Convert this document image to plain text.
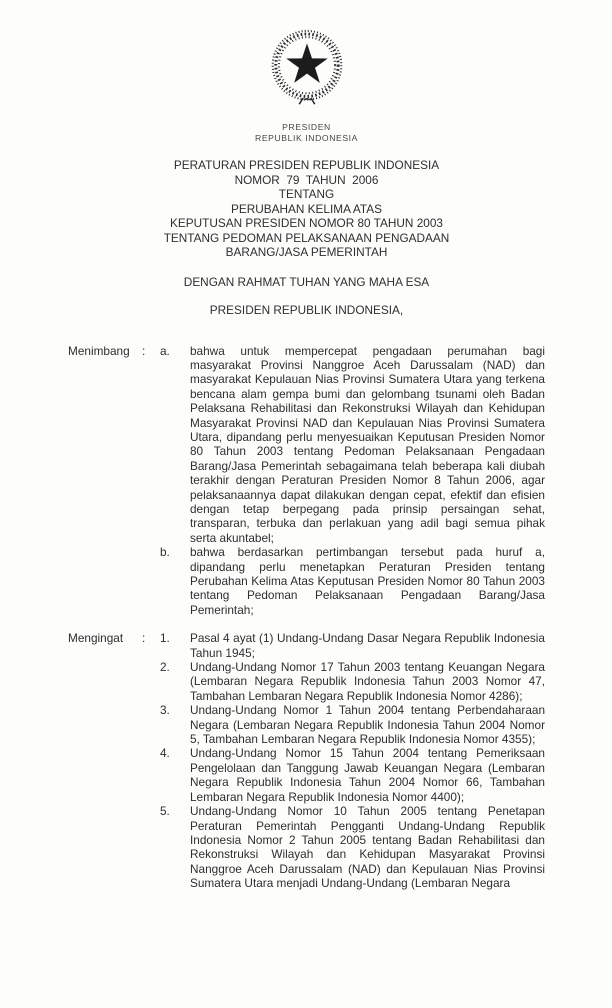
PRESIDEN
REPUBLIK INDONESIA
PERATURAN PRESIDEN REPUBLIK INDONESIA
NOMOR  79  TAHUN  2006
TENTANG
PERUBAHAN KELIMA ATAS
KEPUTUSAN PRESIDEN NOMOR 80 TAHUN 2003
TENTANG PEDOMAN PELAKSANAAN PENGADAAN
BARANG/JASA PEMERINTAH
DENGAN RAHMAT TUHAN YANG MAHA ESA
PRESIDEN REPUBLIK INDONESIA,
Menimbang	:	a.	bahwa untuk mempercepat pengadaan perumahan bagi masyarakat Provinsi Nanggroe Aceh Darussalam (NAD) dan masyarakat Kepulauan Nias Provinsi Sumatera Utara yang terkena bencana alam gempa bumi dan gelombang tsunami oleh Badan Pelaksana Rehabilitasi dan Rekonstruksi Wilayah dan Kehidupan Masyarakat Provinsi NAD dan Kepulauan Nias Provinsi Sumatera Utara, dipandang perlu menyesuaikan Keputusan Presiden Nomor 80 Tahun 2003 tentang Pedoman Pelaksanaan Pengadaan Barang/Jasa Pemerintah sebagaimana telah beberapa kali diubah terakhir dengan Peraturan Presiden Nomor 8 Tahun 2006, agar pelaksanaannya dapat dilakukan dengan cepat, efektif dan efisien dengan tetap berpegang pada prinsip persaingan sehat, transparan, terbuka dan perlakuan yang adil bagi semua pihak serta akuntabel;
b.	bahwa berdasarkan pertimbangan tersebut pada huruf a, dipandang perlu menetapkan Peraturan Presiden tentang Perubahan Kelima Atas Keputusan Presiden Nomor 80 Tahun 2003 tentang Pedoman Pelaksanaan Pengadaan Barang/Jasa Pemerintah;
Mengingat	:	1.	Pasal 4 ayat (1) Undang-Undang Dasar Negara Republik Indonesia Tahun 1945;
2.	Undang-Undang Nomor 17 Tahun 2003 tentang Keuangan Negara (Lembaran Negara Republik Indonesia Tahun 2003 Nomor 47, Tambahan Lembaran Negara Republik Indonesia Nomor 4286);
3.	Undang-Undang Nomor 1 Tahun 2004 tentang Perbendaharaan Negara (Lembaran Negara Republik Indonesia Tahun 2004 Nomor 5, Tambahan Lembaran Negara Republik Indonesia Nomor 4355);
4.	Undang-Undang Nomor 15 Tahun 2004 tentang Pemeriksaan Pengelolaan dan Tanggung Jawab Keuangan Negara (Lembaran Negara Republik Indonesia Tahun 2004 Nomor 66, Tambahan Lembaran Negara Republik Indonesia Nomor 4400);
5.	Undang-Undang Nomor 10 Tahun 2005 tentang Penetapan Peraturan Pemerintah Pengganti Undang-Undang Republik Indonesia Nomor 2 Tahun 2005 tentang Badan Rehabilitasi dan Rekonstruksi Wilayah dan Kehidupan Masyarakat Provinsi Nanggroe Aceh Darussalam (NAD) dan Kepulauan Nias Provinsi Sumatera Utara menjadi Undang-Undang (Lembaran Negara
